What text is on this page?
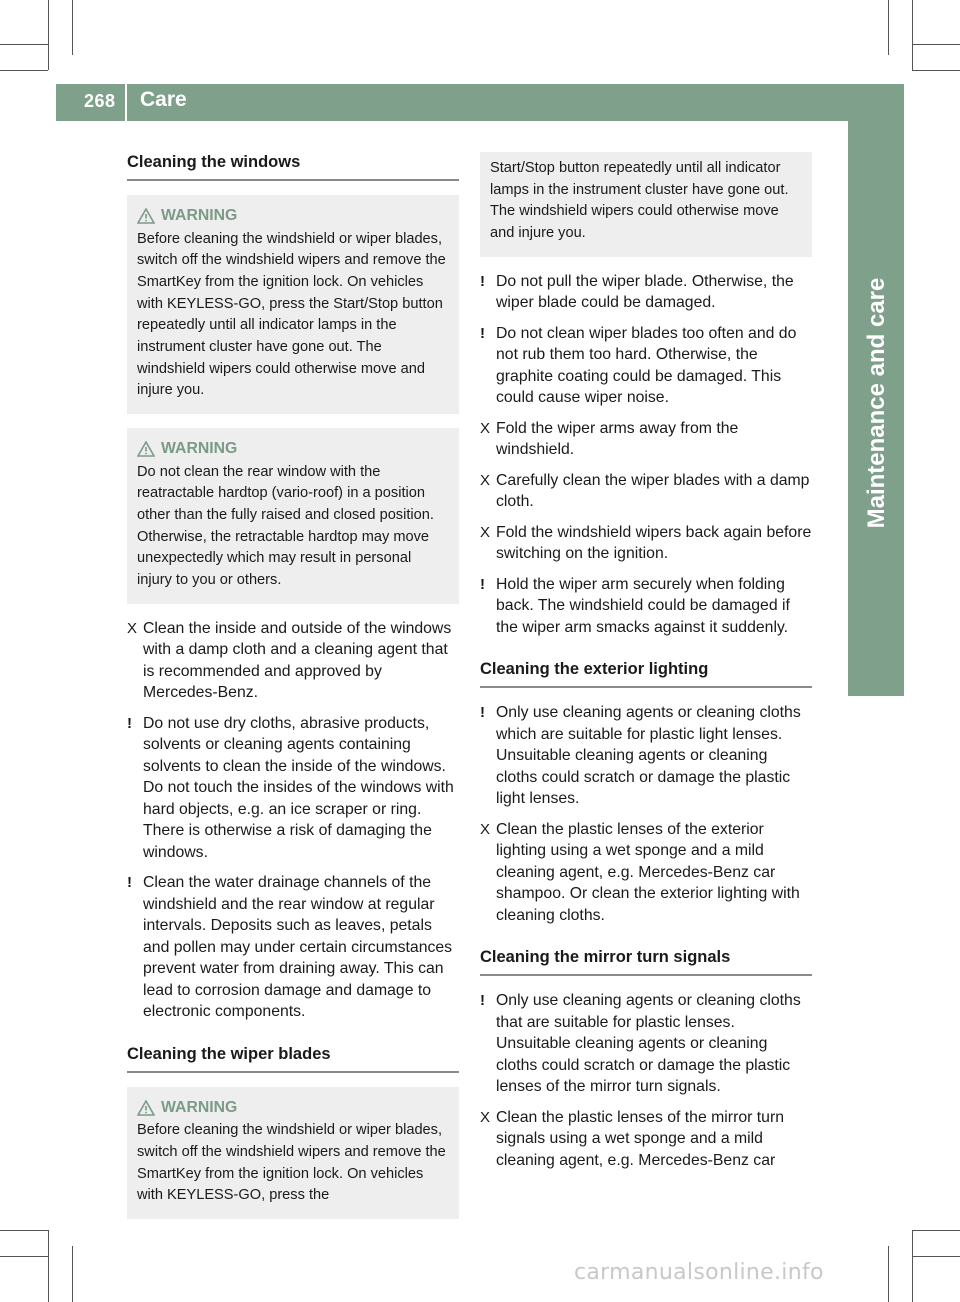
268 Care
Maintenance and care
Cleaning the windows
WARNING
Before cleaning the windshield or wiper blades, switch off the windshield wipers and remove the SmartKey from the ignition lock. On vehicles with KEYLESS-GO, press the Start/Stop button repeatedly until all indicator lamps in the instrument cluster have gone out. The windshield wipers could otherwise move and injure you.
WARNING
Do not clean the rear window with the reatractable hardtop (vario-roof) in a position other than the fully raised and closed position. Otherwise, the retractable hardtop may move unexpectedly which may result in personal injury to you or others.
X Clean the inside and outside of the windows with a damp cloth and a cleaning agent that is recommended and approved by Mercedes-Benz.
! Do not use dry cloths, abrasive products, solvents or cleaning agents containing solvents to clean the inside of the windows. Do not touch the insides of the windows with hard objects, e.g. an ice scraper or ring. There is otherwise a risk of damaging the windows.
! Clean the water drainage channels of the windshield and the rear window at regular intervals. Deposits such as leaves, petals and pollen may under certain circumstances prevent water from draining away. This can lead to corrosion damage and damage to electronic components.
Cleaning the wiper blades
WARNING
Before cleaning the windshield or wiper blades, switch off the windshield wipers and remove the SmartKey from the ignition lock. On vehicles with KEYLESS-GO, press the
Start/Stop button repeatedly until all indicator lamps in the instrument cluster have gone out. The windshield wipers could otherwise move and injure you.
! Do not pull the wiper blade. Otherwise, the wiper blade could be damaged.
! Do not clean wiper blades too often and do not rub them too hard. Otherwise, the graphite coating could be damaged. This could cause wiper noise.
X Fold the wiper arms away from the windshield.
X Carefully clean the wiper blades with a damp cloth.
X Fold the windshield wipers back again before switching on the ignition.
! Hold the wiper arm securely when folding back. The windshield could be damaged if the wiper arm smacks against it suddenly.
Cleaning the exterior lighting
! Only use cleaning agents or cleaning cloths which are suitable for plastic light lenses. Unsuitable cleaning agents or cleaning cloths could scratch or damage the plastic light lenses.
X Clean the plastic lenses of the exterior lighting using a wet sponge and a mild cleaning agent, e.g. Mercedes-Benz car shampoo. Or clean the exterior lighting with cleaning cloths.
Cleaning the mirror turn signals
! Only use cleaning agents or cleaning cloths that are suitable for plastic lenses. Unsuitable cleaning agents or cleaning cloths could scratch or damage the plastic lenses of the mirror turn signals.
X Clean the plastic lenses of the mirror turn signals using a wet sponge and a mild cleaning agent, e.g. Mercedes-Benz car
carmanualsonline.info
